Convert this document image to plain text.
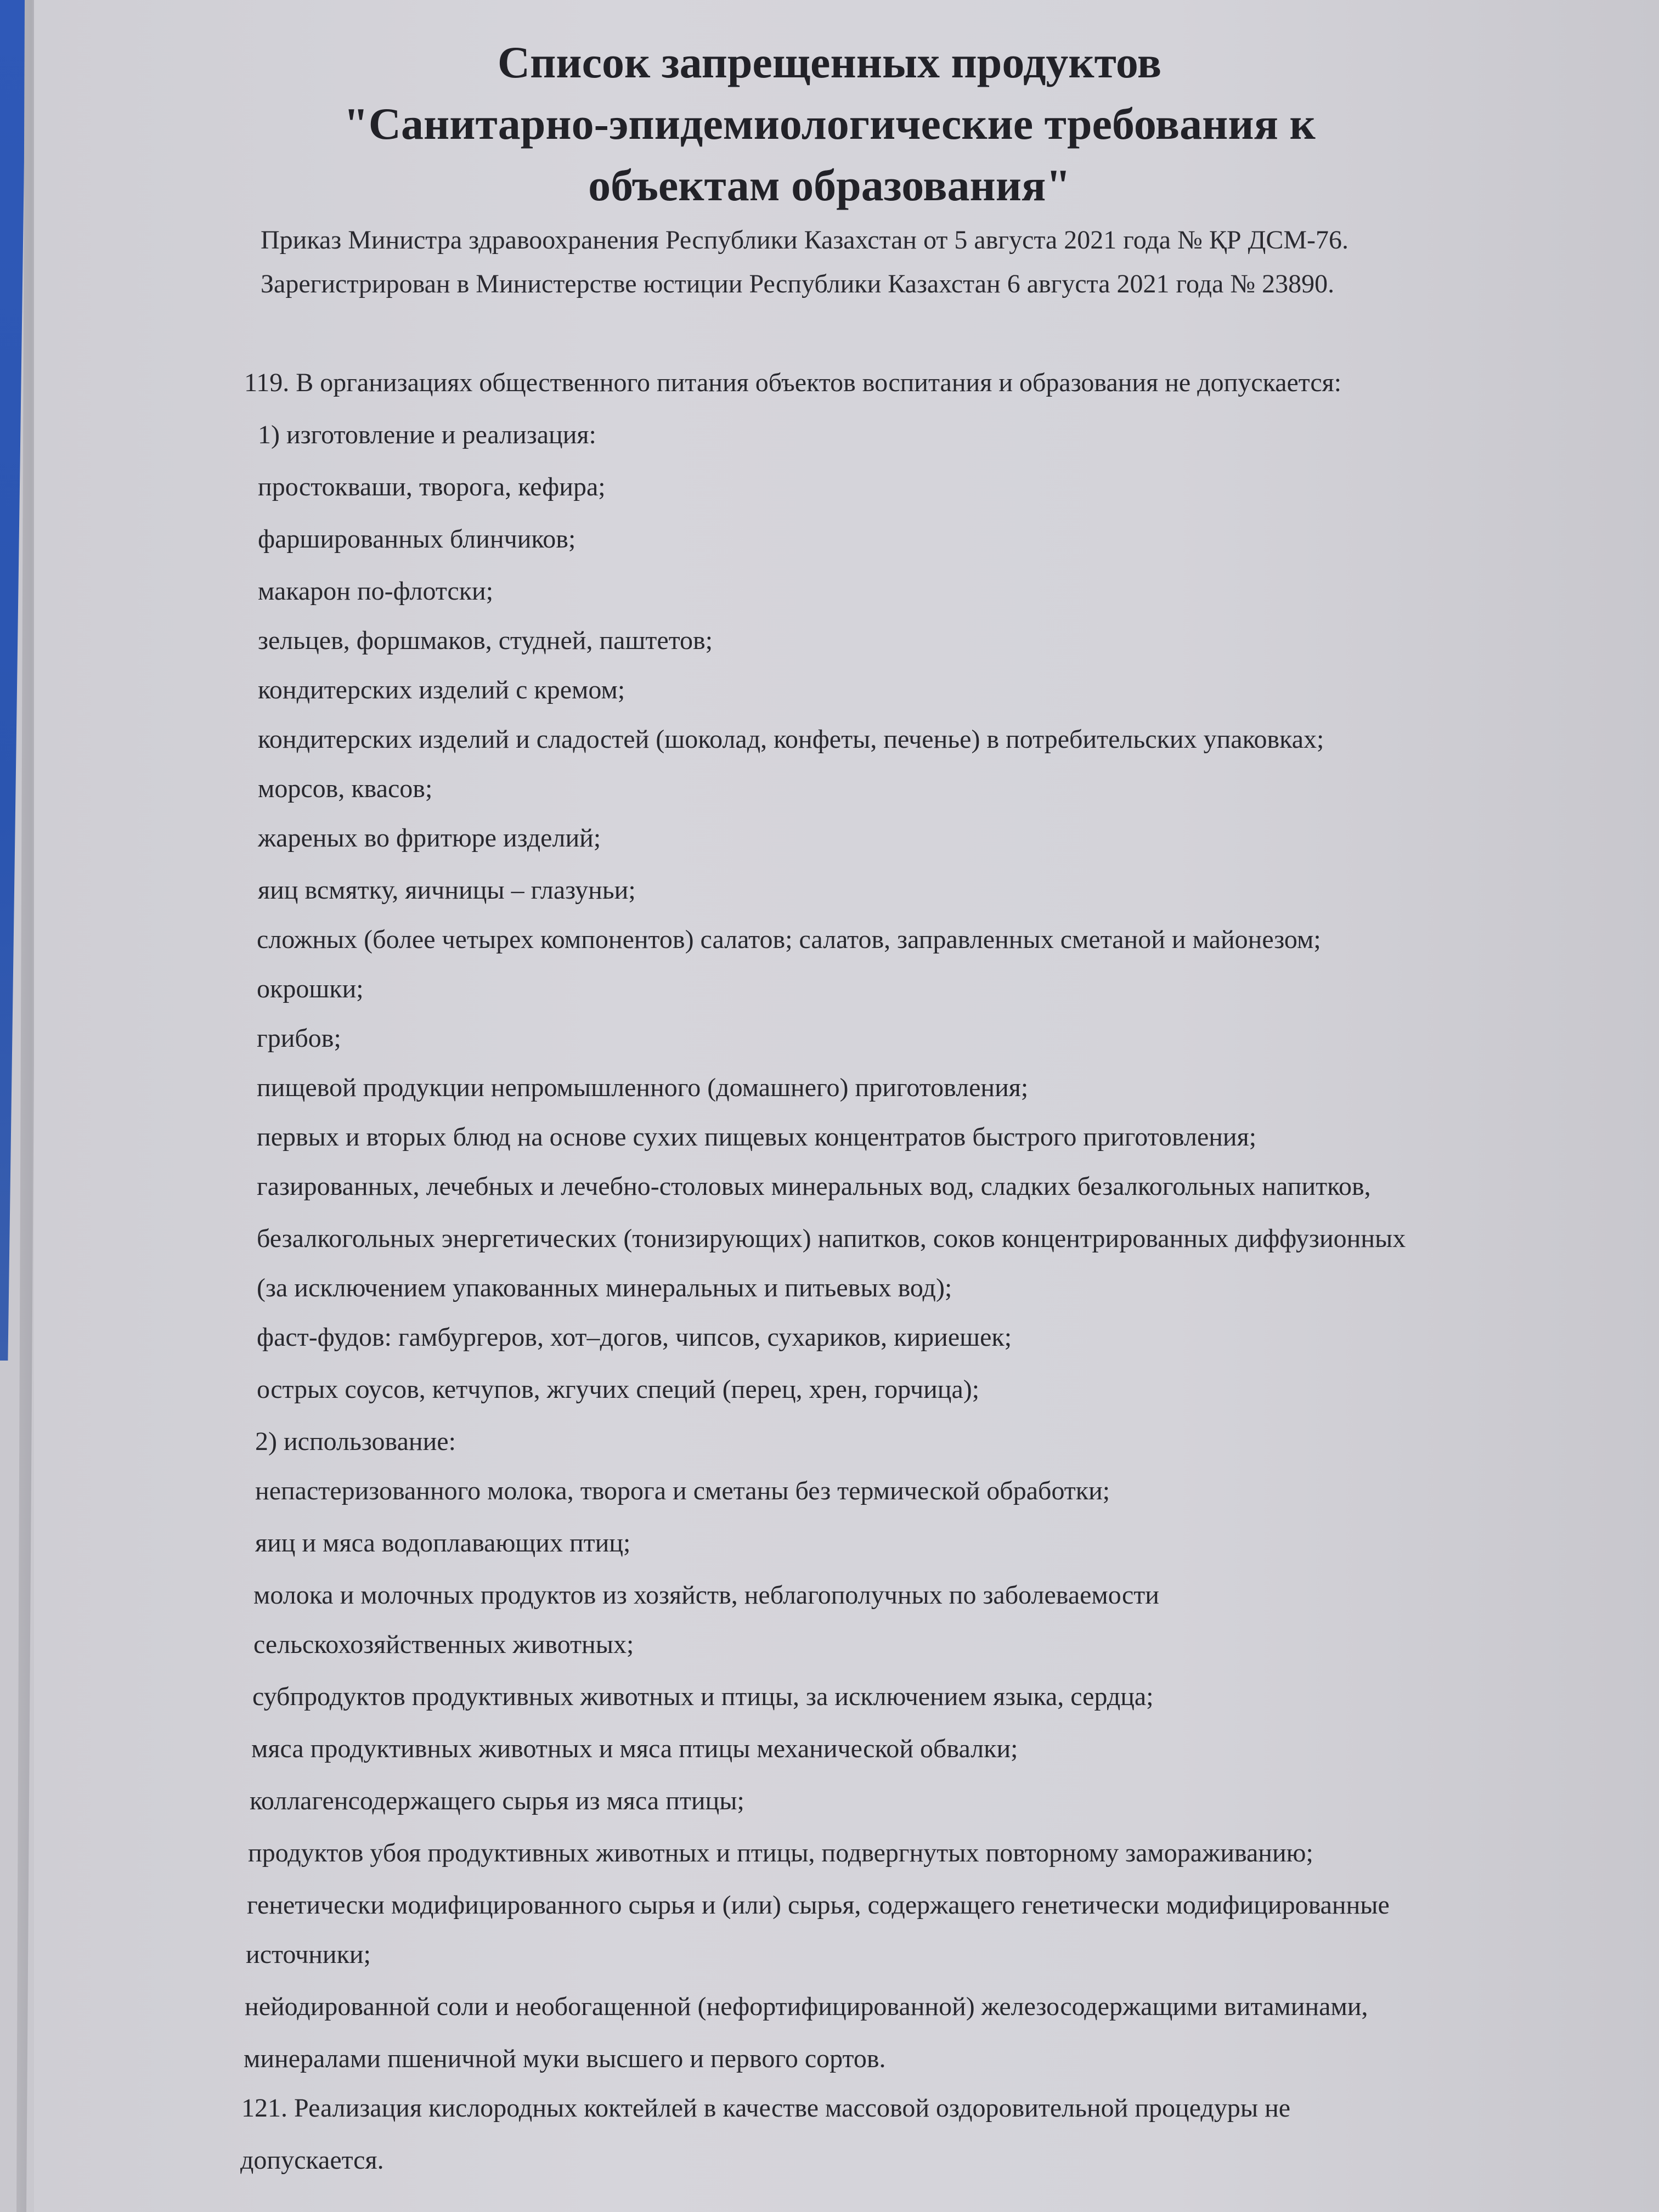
Список запрещенных продуктов
"Санитарно-эпидемиологические требования к
объектам образования"
Приказ Министра здравоохранения Республики Казахстан от 5 августа 2021 года № ҚР ДСМ-76.
Зарегистрирован в Министерстве юстиции Республики Казахстан 6 августа 2021 года № 23890.
119. В организациях общественного питания объектов воспитания и образования не допускается:
1) изготовление и реализация:
простокваши, творога, кефира;
фаршированных блинчиков;
макарон по-флотски;
зельцев, форшмаков, студней, паштетов;
кондитерских изделий с кремом;
кондитерских изделий и сладостей (шоколад, конфеты, печенье) в потребительских упаковках;
морсов, квасов;
жареных во фритюре изделий;
яиц всмятку, яичницы – глазуньи;
сложных (более четырех компонентов) салатов; салатов, заправленных сметаной и майонезом;
окрошки;
грибов;
пищевой продукции непромышленного (домашнего) приготовления;
первых и вторых блюд на основе сухих пищевых концентратов быстрого приготовления;
газированных, лечебных и лечебно-столовых минеральных вод, сладких безалкогольных напитков,
безалкогольных энергетических (тонизирующих) напитков, соков концентрированных диффузионных
(за исключением упакованных минеральных и питьевых вод);
фаст-фудов: гамбургеров, хот–догов, чипсов, сухариков, кириешек;
острых соусов, кетчупов, жгучих специй (перец, хрен, горчица);
2) использование:
непастеризованного молока, творога и сметаны без термической обработки;
яиц и мяса водоплавающих птиц;
молока и молочных продуктов из хозяйств, неблагополучных по заболеваемости
сельскохозяйственных животных;
субпродуктов продуктивных животных и птицы, за исключением языка, сердца;
мяса продуктивных животных и мяса птицы механической обвалки;
коллагенсодержащего сырья из мяса птицы;
продуктов убоя продуктивных животных и птицы, подвергнутых повторному замораживанию;
генетически модифицированного сырья и (или) сырья, содержащего генетически модифицированные
источники;
нейодированной соли и необогащенной (нефортифицированной) железосодержащими витаминами,
минералами пшеничной муки высшего и первого сортов.
121. Реализация кислородных коктейлей в качестве массовой оздоровительной процедуры не
допускается.
